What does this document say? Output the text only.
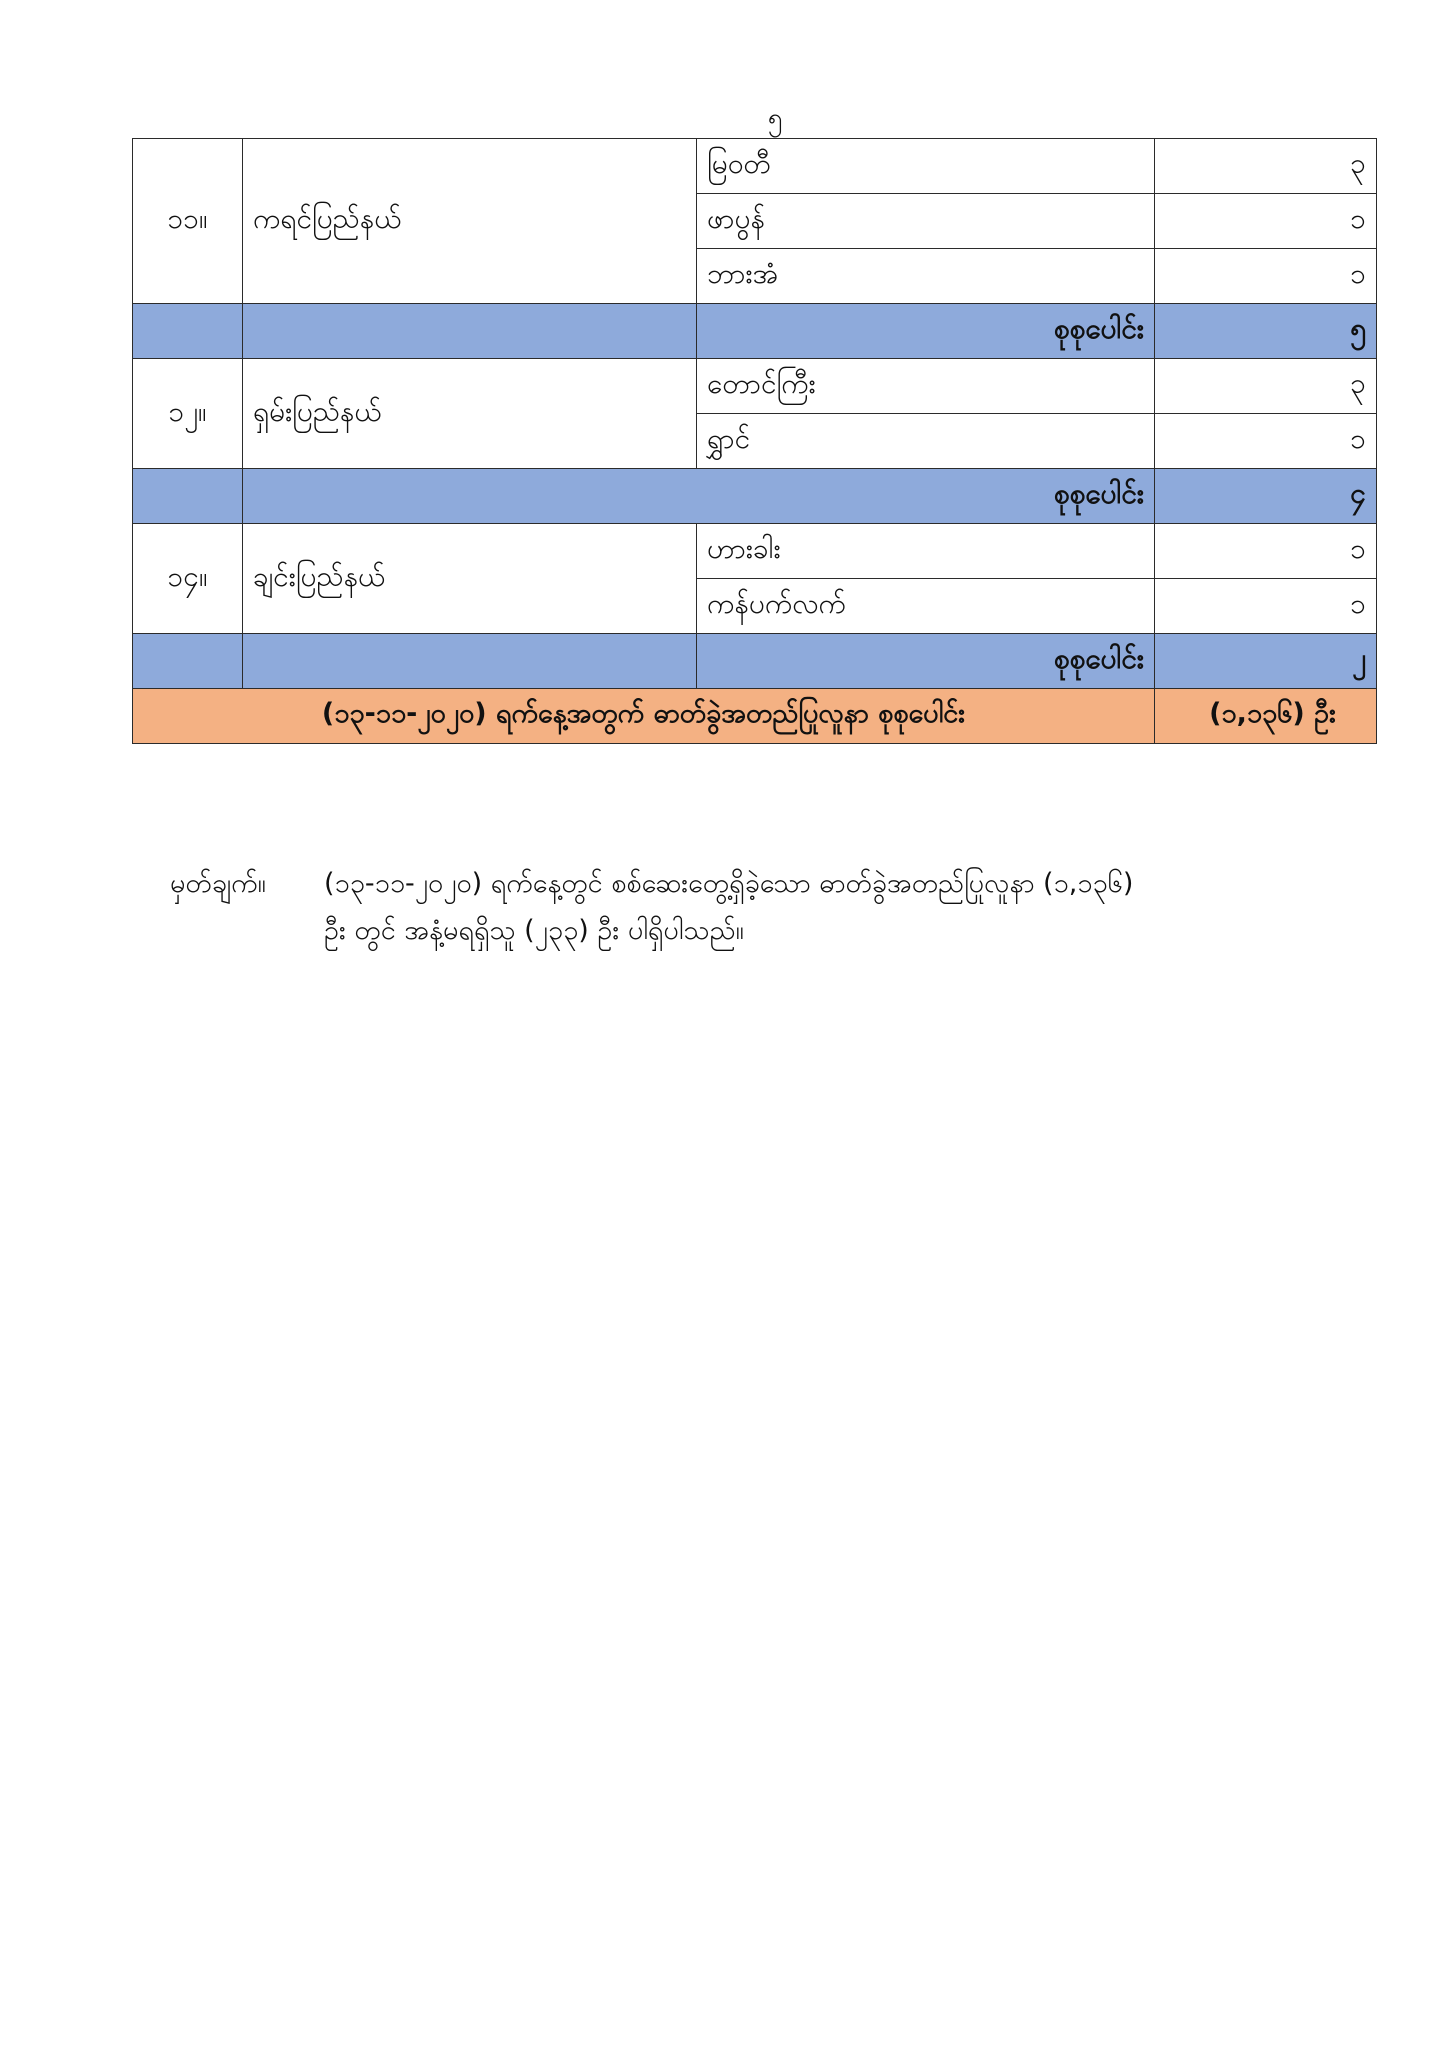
၅
၁၁။	ကရင်ပြည်နယ်	မြဝတီ	၃
		ဖာပွန်	၁
		ဘားအံ	၁
		စုစုပေါင်း	၅
၁၂။	ရှမ်းပြည်နယ်	တောင်ကြီး	၃
		ရွှာင်	၁
	စုစုပေါင်း		၄
၁၄။	ချင်းပြည်နယ်	ဟားခါး	၁
		ကန်ပက်လက်	၁
		စုစုပေါင်း	၂
(၁၃-၁၁-၂၀၂၀) ရက်နေ့အတွက် ဓာတ်ခွဲအတည်ပြုလူနာ စုစုပေါင်း			(၁,၁၃၆) ဦး
မှတ်ချက်။ (၁၃-၁၁-၂၀၂၀) ရက်နေ့တွင် စစ်ဆေးတွေ့ရှိခဲ့သော ဓာတ်ခွဲအတည်ပြုလူနာ (၁,၁၃၆)
ဦး တွင် အနံ့မရရှိသူ (၂၃၃) ဦး ပါရှိပါသည်။
